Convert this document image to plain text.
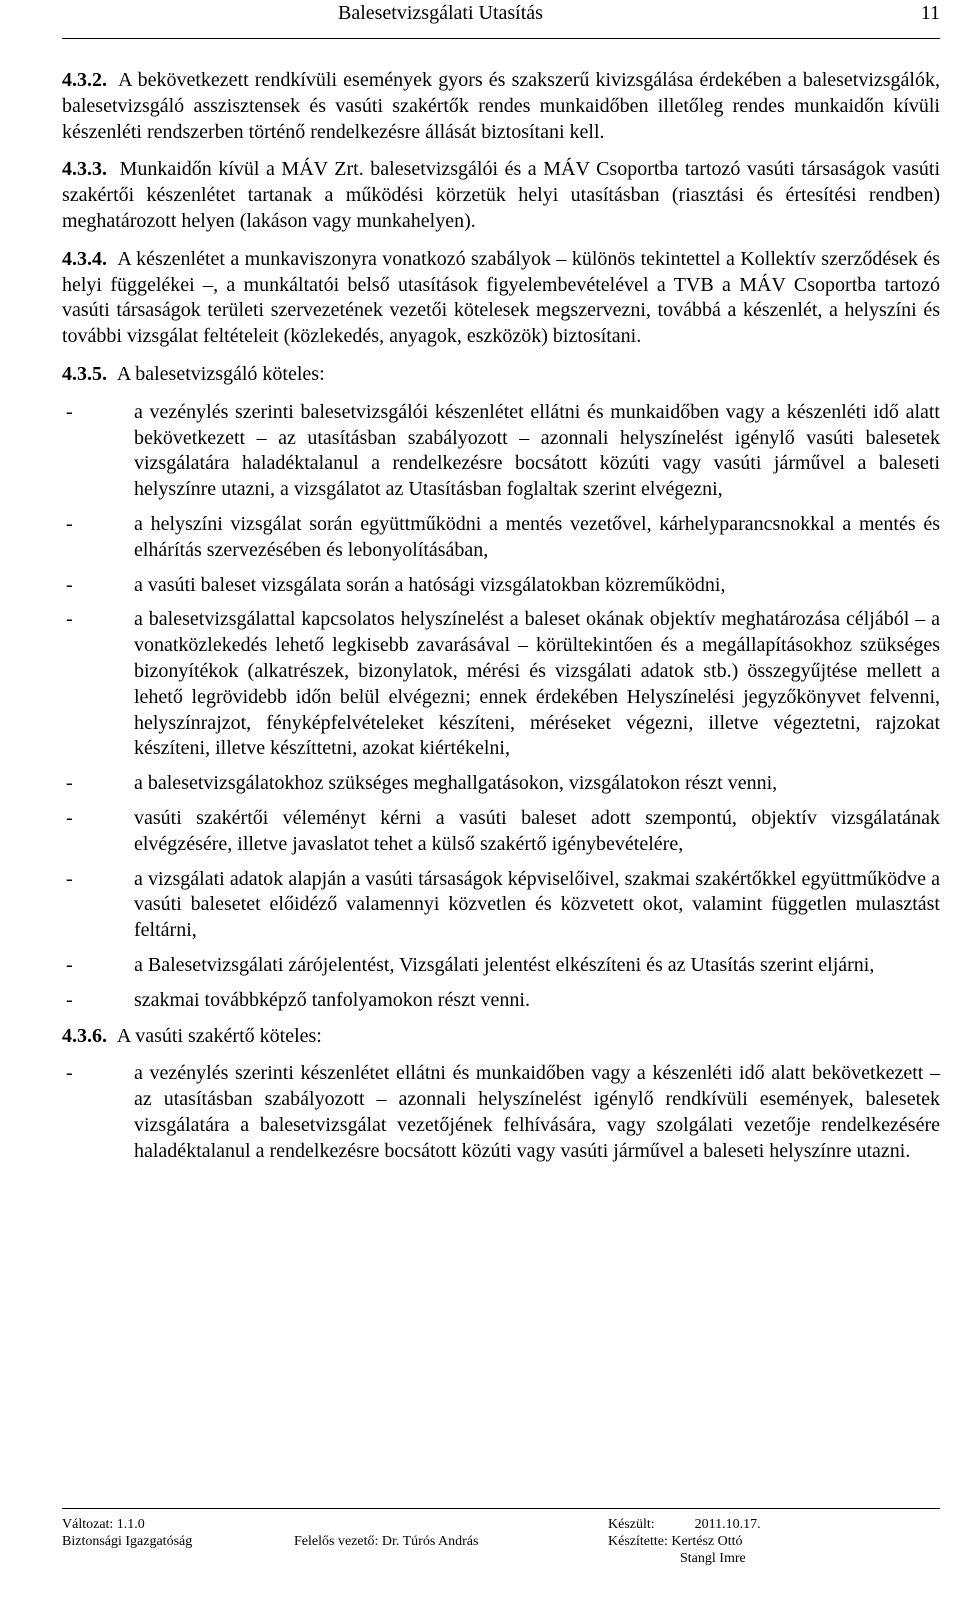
Balesetvizsgálati Utasítás	11

4.3.2. A bekövetkezett rendkívüli események gyors és szakszerű kivizsgálása érdekében a balesetvizsgálók, balesetvizsgáló asszisztensek és vasúti szakértők rendes munkaidőben illetőleg rendes munkaidőn kívüli készenléti rendszerben történő rendelkezésre állását biztosítani kell.

4.3.3. Munkaidőn kívül a MÁV Zrt. balesetvizsgálói és a MÁV Csoportba tartozó vasúti társaságok vasúti szakértői készenlétet tartanak a működési körzetük helyi utasításban (riasztási és értesítési rendben) meghatározott helyen (lakáson vagy munkahelyen).

4.3.4. A készenlétet a munkaviszonyra vonatkozó szabályok – különös tekintettel a Kollektív szerződések és helyi függelékei –, a munkáltatói belső utasítások figyelembevételével a TVB a MÁV Csoportba tartozó vasúti társaságok területi szervezetének vezetői kötelesek megszervezni, továbbá a készenlét, a helyszíni és további vizsgálat feltételeit (közlekedés, anyagok, eszközök) biztosítani.

4.3.5. A balesetvizsgáló köteles:

-	a vezénylés szerinti balesetvizsgálói készenlétet ellátni és munkaidőben vagy a készenléti idő alatt bekövetkezett – az utasításban szabályozott – azonnali helyszínelést igénylő vasúti balesetek vizsgálatára haladéktalanul a rendelkezésre bocsátott közúti vagy vasúti járművel a baleseti helyszínre utazni, a vizsgálatot az Utasításban foglaltak szerint elvégezni,
-	a helyszíni vizsgálat során együttműködni a mentés vezetővel, kárhelyparancsnokkal a mentés és elhárítás szervezésében és lebonyolításában,
-	a vasúti baleset vizsgálata során a hatósági vizsgálatokban közreműködni,
-	a balesetvizsgálattal kapcsolatos helyszínelést a baleset okának objektív meghatározása céljából – a vonatközlekedés lehető legkisebb zavarásával – körültekintően és a megállapításokhoz szükséges bizonyítékok (alkatrészek, bizonylatok, mérési és vizsgálati adatok stb.) összegyűjtése mellett a lehető legrövidebb időn belül elvégezni; ennek érdekében Helyszínelési jegyzőkönyvet felvenni, helyszínrajzot, fényképfelvételeket készíteni, méréseket végezni, illetve végeztetni, rajzokat készíteni, illetve készíttetni, azokat kiértékelni,
-	a balesetvizsgálatokhoz szükséges meghallgatásokon, vizsgálatokon részt venni,
-	vasúti szakértői véleményt kérni a vasúti baleset adott szempontú, objektív vizsgálatának elvégzésére, illetve javaslatot tehet a külső szakértő igénybevételére,
-	a vizsgálati adatok alapján a vasúti társaságok képviselőivel, szakmai szakértőkkel együttműködve a vasúti balesetet előidéző valamennyi közvetlen és közvetett okot, valamint független mulasztást feltárni,
-	a Balesetvizsgálati zárójelentést, Vizsgálati jelentést elkészíteni és az Utasítás szerint eljárni,
-	szakmai továbbképző tanfolyamokon részt venni.

4.3.6. A vasúti szakértő köteles:

-	a vezénylés szerinti készenlétet ellátni és munkaidőben vagy a készenléti idő alatt bekövetkezett – az utasításban szabályozott – azonnali helyszínelést igénylő rendkívüli események, balesetek vizsgálatára a balesetvizsgálat vezetőjének felhívására, vagy szolgálati vezetője rendelkezésére haladéktalanul a rendelkezésre bocsátott közúti vagy vasúti járművel a baleseti helyszínre utazni.
Változat: 1.1.0
Biztonsági Igazgatóság	Felelős vezető: Dr. Túrós András
Készült:	2011.10.17.
Készítette: Kertész Ottó
Stangl Imre
